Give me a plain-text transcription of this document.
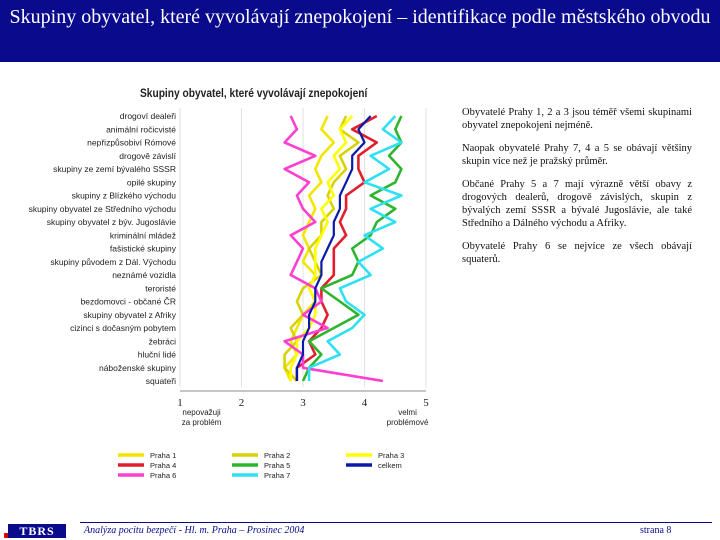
Skupiny obyvatel, které vyvolávají znepokojení – identifikace podle městského obvodu
Skupiny obyvatel, které vyvolávají znepokojení
drogoví dealeři
animální ročicvisté
nepřizpůsobiví Rómové
drogově závislí
skupiny ze zemí bývalého SSSR
opilé skupiny
skupiny z Blízkého východu
skupiny obyvatel ze Středního východu
skupiny obyvatel z býv. Jugoslávie
kriminální mládež
fašistické skupiny
skupiny původem z Dál. Východu
neznámé vozidla
teroristé
bezdomovci - občané ČR
skupiny obyvatel z Afriky
cizinci s dočasným pobytem
žebráci
hluční lidé
náboženské skupiny
squateři
1	2	3	4	5
nepovažuji za problém
velmi problémové
Praha 1
Praha 4
Praha 6
Praha 2
Praha 5
Praha 7
Praha 3
celkem

Obyvatelé Prahy 1, 2 a 3 jsou téměř všemi skupinami obyvatel znepokojeni nejméně.

Naopak obyvatelé Prahy 7, 4 a 5 se obávají většiny skupin více než je pražský průměr.

Občané Prahy 5 a 7 mají výrazně větší obavy z drogových dealerů, drogově závislých, skupin z bývalých zemí SSSR a bývalé Jugoslávie, ale také Středního a Dálného východu a Afriky.

Obyvatelé Prahy 6 se nejvíce ze všech obávají squaterů.

TBRS	Analýza pocitu bezpečí - Hl. m. Praha – Prosinec 2004	strana 8
